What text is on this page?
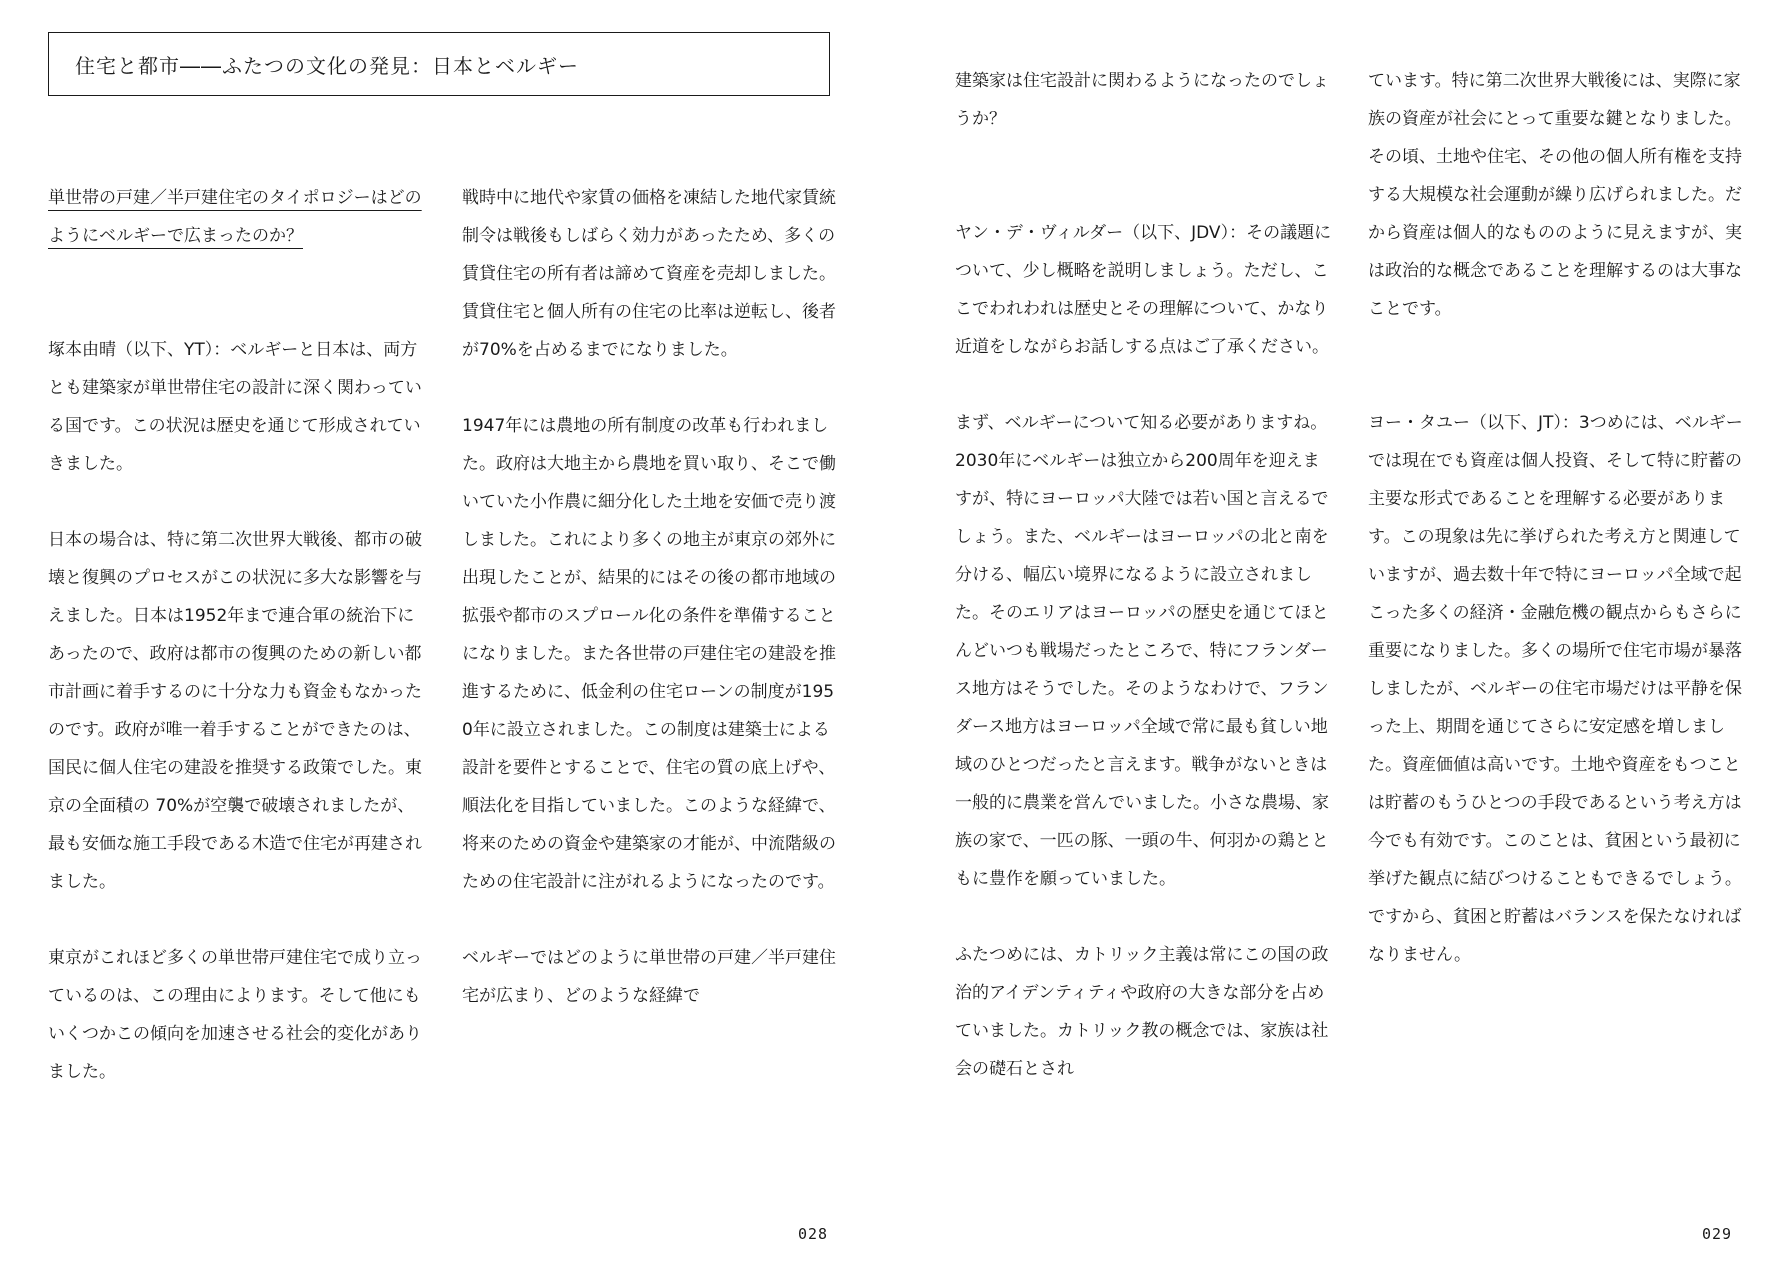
住宅と都市――ふたつの文化の発見：日本とベルギー

単世帯の戸建／半戸建住宅のタイポロジーはどのようにベルギーで広まったのか？

塚本由晴（以下、YT）：ベルギーと日本は、両方とも建築家が単世帯住宅の設計に深く関わっている国です。この状況は歴史を通じて形成されていきました。

日本の場合は、特に第二次世界大戦後、都市の破壊と復興のプロセスがこの状況に多大な影響を与えました。日本は1952年まで連合軍の統治下にあったので、政府は都市の復興のための新しい都市計画に着手するのに十分な力も資金もなかったのです。政府が唯一着手することができたのは、国民に個人住宅の建設を推奨する政策でした。東京の全面積の 70%が空襲で破壊されましたが、最も安価な施工手段である木造で住宅が再建されました。

東京がこれほど多くの単世帯戸建住宅で成り立っているのは、この理由によります。そして他にもいくつかこの傾向を加速させる社会的変化がありました。

戦時中に地代や家賃の価格を凍結した地代家賃統制令は戦後もしばらく効力があったため、多くの賃貸住宅の所有者は諦めて資産を売却しました。賃貸住宅と個人所有の住宅の比率は逆転し、後者が70%を占めるまでになりました。

1947年には農地の所有制度の改革も行われました。政府は大地主から農地を買い取り、そこで働いていた小作農に細分化した土地を安価で売り渡しました。これにより多くの地主が東京の郊外に出現したことが、結果的にはその後の都市地域の拡張や都市のスプロール化の条件を準備することになりました。また各世帯の戸建住宅の建設を推進するために、低金利の住宅ローンの制度が1950年に設立されました。この制度は建築士による設計を要件とすることで、住宅の質の底上げや、順法化を目指していました。このような経緯で、将来のための資金や建築家の才能が、中流階級のための住宅設計に注がれるようになったのです。

ベルギーではどのように単世帯の戸建／半戸建住宅が広まり、どのような経緯で

028

建築家は住宅設計に関わるようになったのでしょうか？

ヤン・デ・ヴィルダー（以下、JDV）：その議題について、少し概略を説明しましょう。ただし、ここでわれわれは歴史とその理解について、かなり近道をしながらお話しする点はご了承ください。

まず、ベルギーについて知る必要がありますね。2030年にベルギーは独立から200周年を迎えますが、特にヨーロッパ大陸では若い国と言えるでしょう。また、ベルギーはヨーロッパの北と南を分ける、幅広い境界になるように設立されました。そのエリアはヨーロッパの歴史を通じてほとんどいつも戦場だったところで、特にフランダース地方はそうでした。そのようなわけで、フランダース地方はヨーロッパ全域で常に最も貧しい地域のひとつだったと言えます。戦争がないときは一般的に農業を営んでいました。小さな農場、家族の家で、一匹の豚、一頭の牛、何羽かの鶏とともに豊作を願っていました。

ふたつめには、カトリック主義は常にこの国の政治的アイデンティティや政府の大きな部分を占めていました。カトリック教の概念では、家族は社会の礎石とされ

ています。特に第二次世界大戦後には、実際に家族の資産が社会にとって重要な鍵となりました。その頃、土地や住宅、その他の個人所有権を支持する大規模な社会運動が繰り広げられました。だから資産は個人的なもののように見えますが、実は政治的な概念であることを理解するのは大事なことです。

ヨー・タユー（以下、JT）：3つめには、ベルギーでは現在でも資産は個人投資、そして特に貯蓄の主要な形式であることを理解する必要があります。この現象は先に挙げられた考え方と関連していますが、過去数十年で特にヨーロッパ全域で起こった多くの経済・金融危機の観点からもさらに重要になりました。多くの場所で住宅市場が暴落しましたが、ベルギーの住宅市場だけは平静を保った上、期間を通じてさらに安定感を増しました。資産価値は高いです。土地や資産をもつことは貯蓄のもうひとつの手段であるという考え方は今でも有効です。このことは、貧困という最初に挙げた観点に結びつけることもできるでしょう。ですから、貧困と貯蓄はバランスを保たなければなりません。

029
